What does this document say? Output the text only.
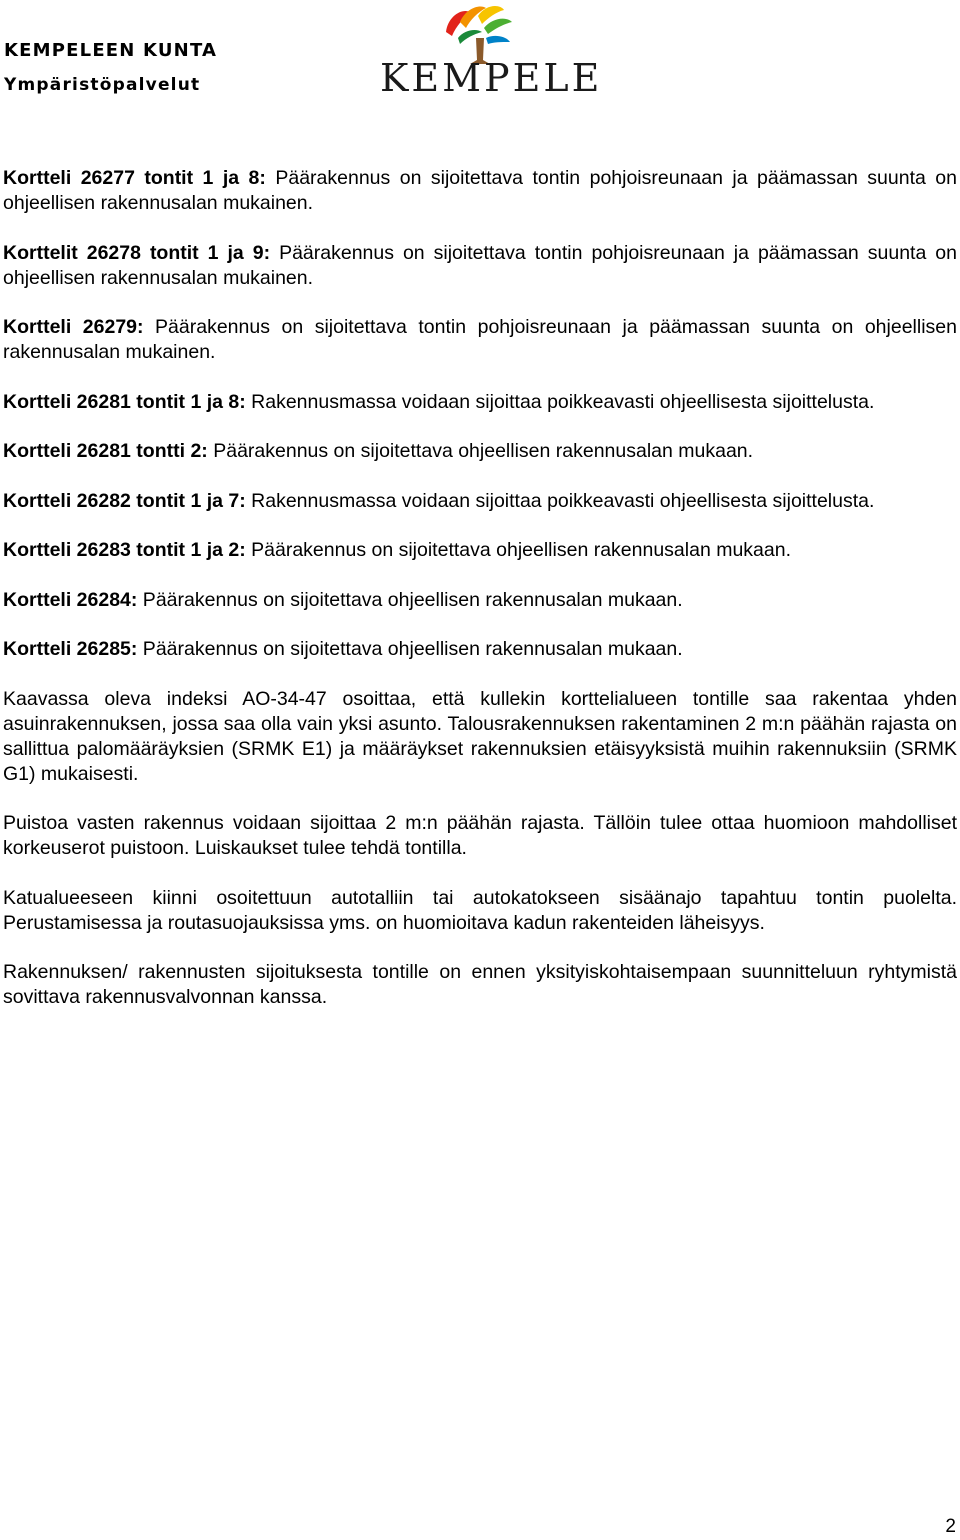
KEMPELEEN KUNTA
Ympäristöpalvelut	KEMPELE

Kortteli 26277 tontit 1 ja 8: Päärakennus on sijoitettava tontin pohjoisreunaan ja päämassan suunta on ohjeellisen rakennusalan mukainen.

Korttelit 26278 tontit 1 ja 9: Päärakennus on sijoitettava tontin pohjoisreunaan ja päämassan suunta on ohjeellisen rakennusalan mukainen.

Kortteli 26279: Päärakennus on sijoitettava tontin pohjoisreunaan ja päämassan suunta on ohjeellisen rakennusalan mukainen.

Kortteli 26281 tontit 1 ja 8: Rakennusmassa voidaan sijoittaa poikkeavasti ohjeellisesta sijoittelusta.

Kortteli 26281 tontti 2: Päärakennus on sijoitettava ohjeellisen rakennusalan mukaan.

Kortteli 26282 tontit 1 ja 7: Rakennusmassa voidaan sijoittaa poikkeavasti ohjeellisesta sijoittelusta.

Kortteli 26283 tontit 1 ja 2: Päärakennus on sijoitettava ohjeellisen rakennusalan mukaan.

Kortteli 26284: Päärakennus on sijoitettava ohjeellisen rakennusalan mukaan.

Kortteli 26285: Päärakennus on sijoitettava ohjeellisen rakennusalan mukaan.

Kaavassa oleva indeksi AO-34-47 osoittaa, että kullekin korttelialueen tontille saa rakentaa yhden asuinrakennuksen, jossa saa olla vain yksi asunto. Talousrakennuksen rakentaminen 2 m:n päähän rajasta on sallittua palomääräyksien (SRMK E1) ja määräykset rakennuksien etäisyyksistä muihin rakennuksiin (SRMK G1) mukaisesti.

Puistoa vasten rakennus voidaan sijoittaa 2 m:n päähän rajasta. Tällöin tulee ottaa huomioon mahdolliset korkeuserot puistoon. Luiskaukset tulee tehdä tontilla.

Katualueeseen kiinni osoitettuun autotalliin tai autokatokseen sisäänajo tapahtuu tontin puolelta. Perustamisessa ja routasuojauksissa yms. on huomioitava kadun rakenteiden läheisyys.

Rakennuksen/ rakennusten sijoituksesta tontille on ennen yksityiskohtaisempaan suunnitteluun ryhtymistä sovittava rakennusvalvonnan kanssa.

2
